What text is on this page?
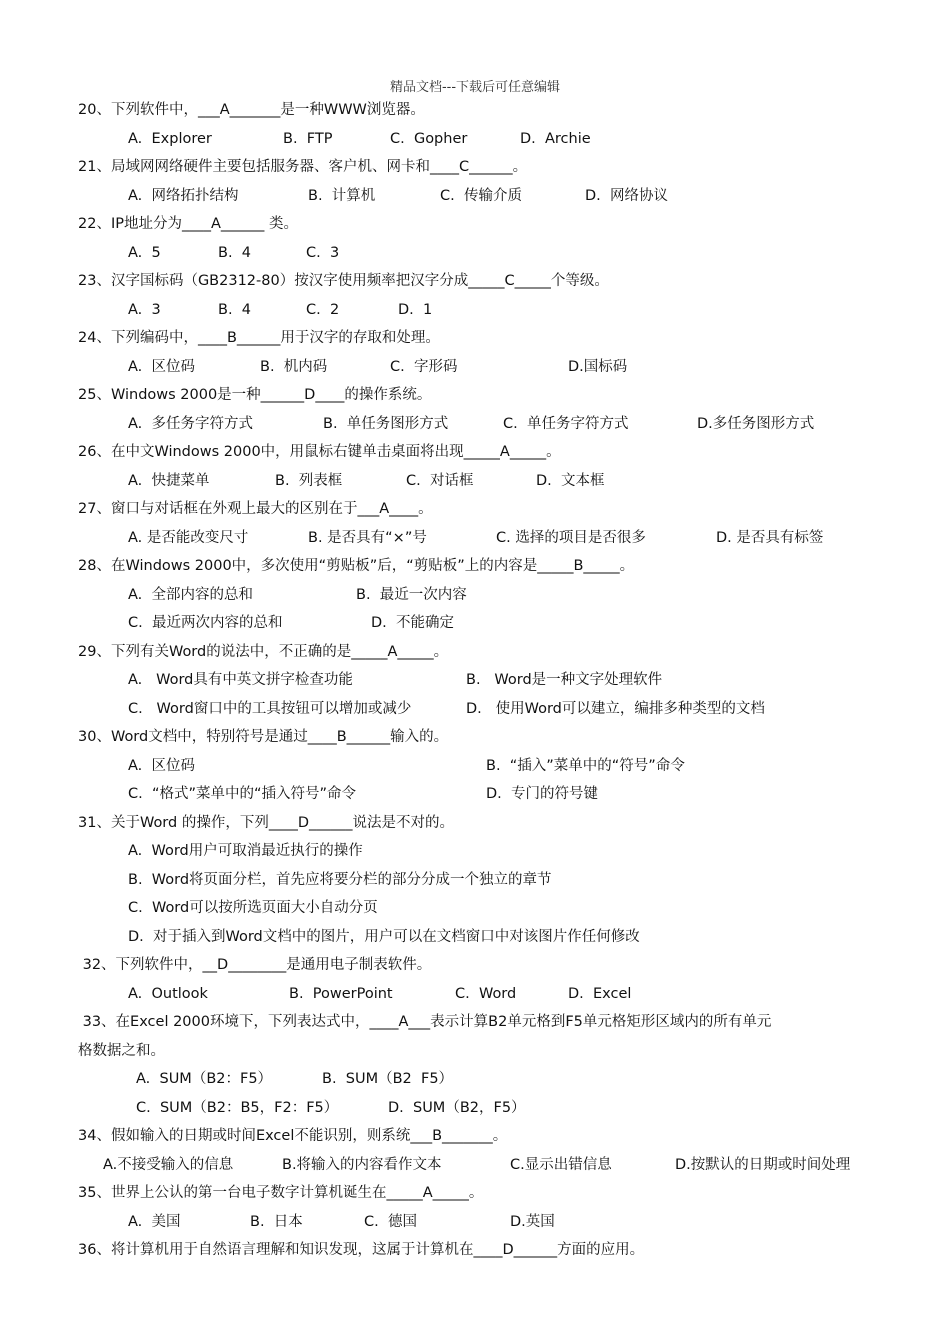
精品文档---下载后可任意编辑
20、下列软件中，___A_______是一种WWW浏览器。
A.  Explorer	B.  FTP	C.  Gopher	D.  Archie
21、局域网网络硬件主要包括服务器、客户机、网卡和____C______。
A.  网络拓扑结构	B.  计算机	C.  传输介质	D.  网络协议
22、IP地址分为____A______ 类。
A.  5	B.  4	C.  3
23、汉字国标码（GB2312-80）按汉字使用频率把汉字分成_____C_____个等级。
A.  3	B.  4	C.  2	D.  1
24、下列编码中，____B______用于汉字的存取和处理。
A.  区位码	B.  机内码	C.  字形码	D.国标码
25、Windows 2000是一种______D____的操作系统。
A.  多任务字符方式	B.  单任务图形方式	C.  单任务字符方式	D.多任务图形方式
26、在中文Windows 2000中，用鼠标右键单击桌面将出现_____A_____。
A.  快捷菜单	B.  列表框	C.  对话框	D.  文本框
27、窗口与对话框在外观上最大的区别在于___A____。
A. 是否能改变尺寸	B. 是否具有“×”号	C. 选择的项目是否很多	D. 是否具有标签
28、在Windows 2000中，多次使用“剪贴板”后，“剪贴板”上的内容是_____B_____。
A.  全部内容的总和	B.  最近一次内容
C.  最近两次内容的总和	D.  不能确定
29、下列有关Word的说法中，不正确的是_____A_____。
A.   Word具有中英文拼字检查功能	B.   Word是一种文字处理软件
C.   Word窗口中的工具按钮可以增加或减少	D.   使用Word可以建立，编排多种类型的文档
30、Word文档中，特别符号是通过____B______输入的。
A.  区位码	B.  “插入”菜单中的“符号”命令
C.  “格式”菜单中的“插入符号”命令	D.  专门的符号键
31、关于Word 的操作，下列____D______说法是不对的。
A.  Word用户可取消最近执行的操作
B.  Word将页面分栏，首先应将要分栏的部分分成一个独立的章节
C.  Word可以按所选页面大小自动分页
D.  对于插入到Word文档中的图片，用户可以在文档窗口中对该图片作任何修改
32、下列软件中，__D________是通用电子制表软件。
A.  Outlook	B.  PowerPoint	C.  Word	D.  Excel
33、在Excel 2000环境下，下列表达式中，____A___表示计算B2单元格到F5单元格矩形区域内的所有单元
格数据之和。
A.  SUM（B2：F5）	B.  SUM（B2  F5）
C.  SUM（B2：B5，F2：F5）	D.  SUM（B2，F5）
34、假如输入的日期或时间Excel不能识别，则系统___B_______。
A.不接受输入的信息	B.将输入的内容看作文本	C.显示出错信息	D.按默认的日期或时间处理
35、世界上公认的第一台电子数字计算机诞生在_____A_____。
A.  美国	B.  日本	C.  德国	D.英国
36、将计算机用于自然语言理解和知识发现，这属于计算机在____D______方面的应用。
